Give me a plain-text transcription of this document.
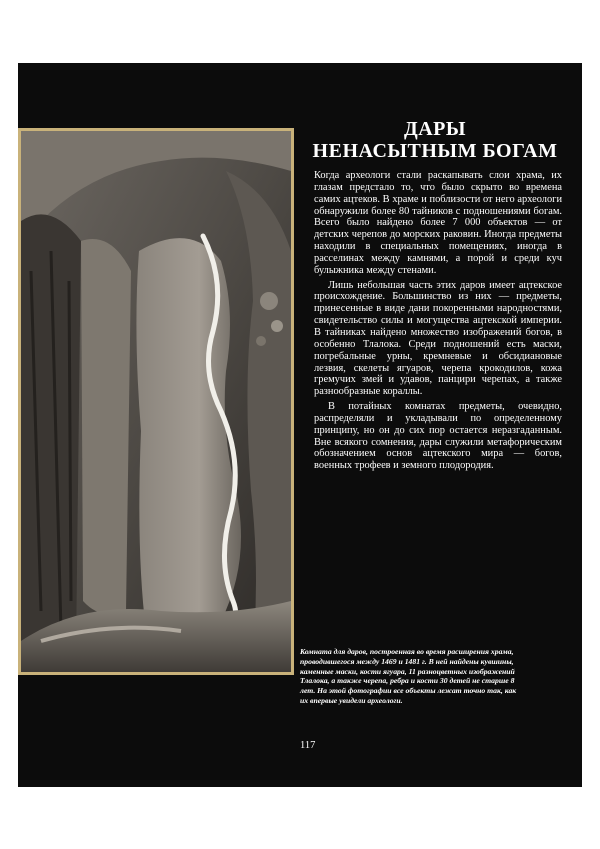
ДАРЫ
НЕНАСЫТНЫМ БОГАМ

Когда археологи стали раскапывать слои храма, их глазам предстало то, что было скрыто во времена самих ацтеков. В храме и поблизости от него археологи обнаружили более 80 тайников с подношениями богам. Всего было найдено более 7 000 объектов — от детских черепов до морских раковин. Иногда предметы находили в специальных помещениях, иногда в расселинах между камнями, а порой и среди куч булыжника между стенами.

Лишь небольшая часть этих даров имеет ацтекское происхождение. Большинство из них — предметы, принесенные в виде дани покоренными народностями, свидетельство силы и могущества ацтекской империи. В тайниках найдено множество изображений богов, в особенно Тлалока. Среди подношений есть маски, погребальные урны, кремневые и обсидиановые лезвия, скелеты ягуаров, черепа крокодилов, кожа гремучих змей и удавов, панцири черепах, а также разнообразные кораллы.

В потайных комнатах предметы, очевидно, распределяли и укладывали по определенному принципу, но он до сих пор остается неразгаданным. Вне всякого сомнения, дары служили метафорическим обозначением основ ацтекского мира — богов, военных трофеев и земного плодородия.

Комната для даров, построенная во время расширения храма, проводившегося между 1469 и 1481 г. В ней найдены кувшины, каменные маски, кости ягуара, 11 разноцветных изображений Тлалока, а также черепа, ребра и кости 30 детей не старше 8 лет. На этой фотографии все объекты лежат точно так, как их впервые увидели археологи.

117
